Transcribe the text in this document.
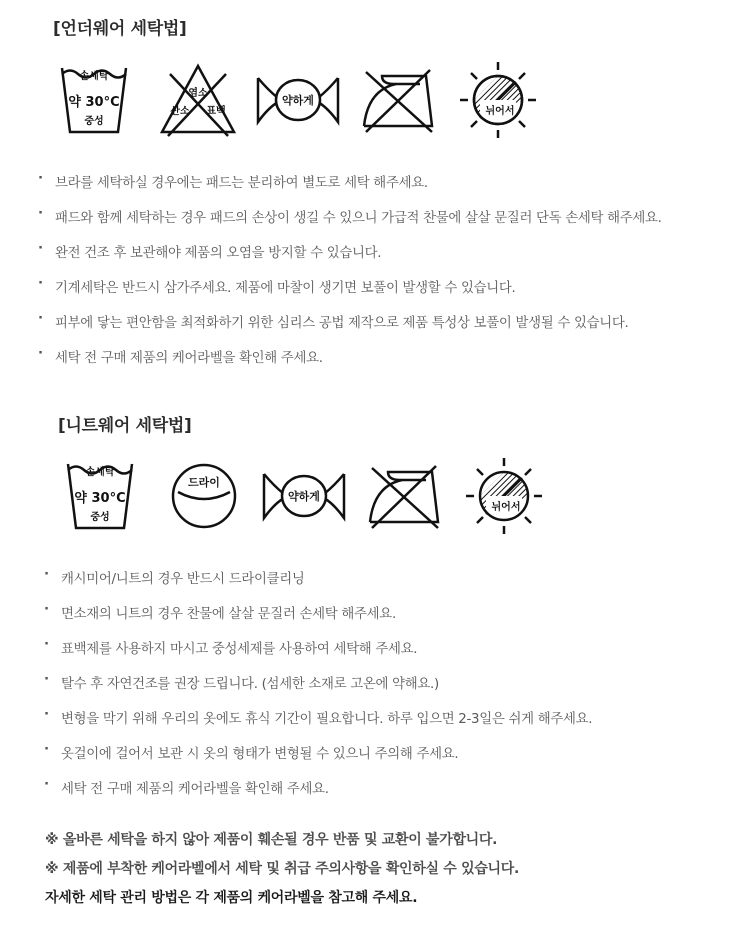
[언더웨어 세탁법]
손세탁
약 30°C
중성
염소
산소 표백
약하게
뉘어서
· 브라를 세탁하실 경우에는 패드는 분리하여 별도로 세탁 해주세요.
· 패드와 함께 세탁하는 경우 패드의 손상이 생길 수 있으니 가급적 찬물에 살살 문질러 단독 손세탁 해주세요.
· 완전 건조 후 보관해야 제품의 오염을 방지할 수 있습니다.
· 기계세탁은 반드시 삼가주세요. 제품에 마찰이 생기면 보풀이 발생할 수 있습니다.
· 피부에 닿는 편안함을 최적화하기 위한 심리스 공법 제작으로 제품 특성상 보풀이 발생될 수 있습니다.
· 세탁 전 구매 제품의 케어라벨을 확인해 주세요.
[니트웨어 세탁법]
손세탁
약 30°C
중성
드라이
약하게
뉘어서
· 캐시미어/니트의 경우 반드시 드라이클리닝
· 면소재의 니트의 경우 찬물에 살살 문질러 손세탁 해주세요.
· 표백제를 사용하지 마시고 중성세제를 사용하여 세탁해 주세요.
· 탈수 후 자연건조를 권장 드립니다. (섬세한 소재로 고온에 약해요.)
· 변형을 막기 위해 우리의 옷에도 휴식 기간이 필요합니다. 하루 입으면 2-3일은 쉬게 해주세요.
· 옷걸이에 걸어서 보관 시 옷의 형태가 변형될 수 있으니 주의해 주세요.
· 세탁 전 구매 제품의 케어라벨을 확인해 주세요.
※ 올바른 세탁을 하지 않아 제품이 훼손될 경우 반품 및 교환이 불가합니다.
※ 제품에 부착한 케어라벨에서 세탁 및 취급 주의사항을 확인하실 수 있습니다.
자세한 세탁 관리 방법은 각 제품의 케어라벨을 참고해 주세요.
